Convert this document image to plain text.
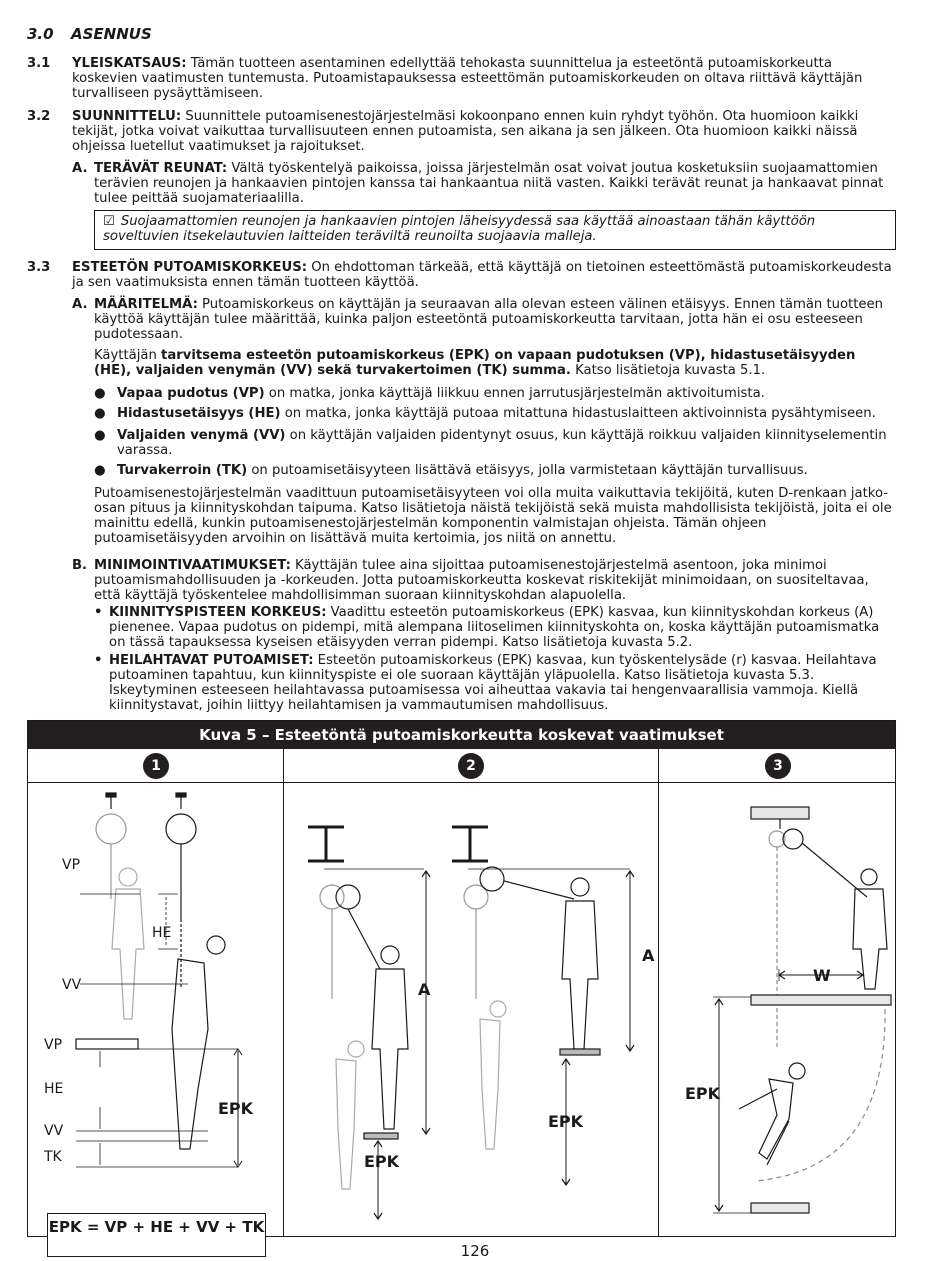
3.0 ASENNUS
3.1 YLEISKATSAUS: Tämän tuotteen asentaminen edellyttää tehokasta suunnittelua ja esteetöntä putoamiskorkeutta koskevien vaatimusten tuntemusta. Putoamistapauksessa esteettömän putoamiskorkeuden on oltava riittävä käyttäjän turvalliseen pysäyttämiseen.
3.2 SUUNNITTELU: Suunnittele putoamisenestojärjestelmäsi kokoonpano ennen kuin ryhdyt työhön. Ota huomioon kaikki tekijät, jotka voivat vaikuttaa turvallisuuteen ennen putoamista, sen aikana ja sen jälkeen. Ota huomioon kaikki näissä ohjeissa luetellut vaatimukset ja rajoitukset.
A. TERÄVÄT REUNAT: Vältä työskentelyä paikoissa, joissa järjestelmän osat voivat joutua kosketuksiin suojaamattomien terävien reunojen ja hankaavien pintojen kanssa tai hankaantua niitä vasten. Kaikki terävät reunat ja hankaavat pinnat tulee peittää suojamateriaalilla.
☑ Suojaamattomien reunojen ja hankaavien pintojen läheisyydessä saa käyttää ainoastaan tähän käyttöön soveltuvien itsekelautuvien laitteiden teräviltä reunoilta suojaavia malleja.
3.3 ESTEETÖN PUTOAMISKORKEUS: On ehdottoman tärkeää, että käyttäjä on tietoinen esteettömästä putoamiskorkeudesta ja sen vaatimuksista ennen tämän tuotteen käyttöä.
A. MÄÄRITELMÄ: Putoamiskorkeus on käyttäjän ja seuraavan alla olevan esteen välinen etäisyys. Ennen tämän tuotteen käyttöä käyttäjän tulee määrittää, kuinka paljon esteetöntä putoamiskorkeutta tarvitaan, jotta hän ei osu esteeseen pudotessaan.
Käyttäjän tarvitsema esteetön putoamiskorkeus (EPK) on vapaan pudotuksen (VP), hidastusetäisyyden (HE), valjaiden venymän (VV) sekä turvakertoimen (TK) summa. Katso lisätietoja kuvasta 5.1.
● Vapaa pudotus (VP) on matka, jonka käyttäjä liikkuu ennen jarrutusjärjestelmän aktivoitumista.
● Hidastusetäisyys (HE) on matka, jonka käyttäjä putoaa mitattuna hidastuslaitteen aktivoinnista pysähtymiseen.
● Valjaiden venymä (VV) on käyttäjän valjaiden pidentynyt osuus, kun käyttäjä roikkuu valjaiden kiinnityselementin varassa.
● Turvakerroin (TK) on putoamisetäisyyteen lisättävä etäisyys, jolla varmistetaan käyttäjän turvallisuus.
Putoamisenestojärjestelmän vaadittuun putoamisetäisyyteen voi olla muita vaikuttavia tekijöitä, kuten D-renkaan jatko-osan pituus ja kiinnityskohdan taipuma. Katso lisätietoja näistä tekijöistä sekä muista mahdollisista tekijöistä, joita ei ole mainittu edellä, kunkin putoamisenestojärjestelmän komponentin valmistajan ohjeista. Tämän ohjeen putoamisetäisyyden arvoihin on lisättävä muita kertoimia, jos niitä on annettu.
B. MINIMOINTIVAATIMUKSET: Käyttäjän tulee aina sijoittaa putoamisenestojärjestelmä asentoon, joka minimoi putoamismahdollisuuden ja -korkeuden. Jotta putoamiskorkeutta koskevat riskitekijät minimoidaan, on suositeltavaa, että käyttäjä työskentelee mahdollisimman suoraan kiinnityskohdan alapuolella.
• KIINNITYSPISTEEN KORKEUS: Vaadittu esteetön putoamiskorkeus (EPK) kasvaa, kun kiinnityskohdan korkeus (A) pienenee. Vapaa pudotus on pidempi, mitä alempana liitoselimen kiinnityskohta on, koska käyttäjän putoamismatka on tässä tapauksessa kyseisen etäisyyden verran pidempi. Katso lisätietoja kuvasta 5.2.
• HEILAHTAVAT PUTOAMISET: Esteetön putoamiskorkeus (EPK) kasvaa, kun työskentelysäde (r) kasvaa. Heilahtava putoaminen tapahtuu, kun kiinnityspiste ei ole suoraan käyttäjän yläpuolella. Katso lisätietoja kuvasta 5.3. Iskeytyminen esteeseen heilahtavassa putoamisessa voi aiheuttaa vakavia tai hengenvaarallisia vammoja. Kiellä kiinnitystavat, joihin liittyy heilahtamisen ja vammautumisen mahdollisuus.
Kuva 5 – Esteetöntä putoamiskorkeutta koskevat vaatimukset
1
VP
HE
VV
VP
HE
VV
TK
EPK
EPK = VP + HE + VV + TK
2
A
A
EPK
EPK
3
W
EPK
126
